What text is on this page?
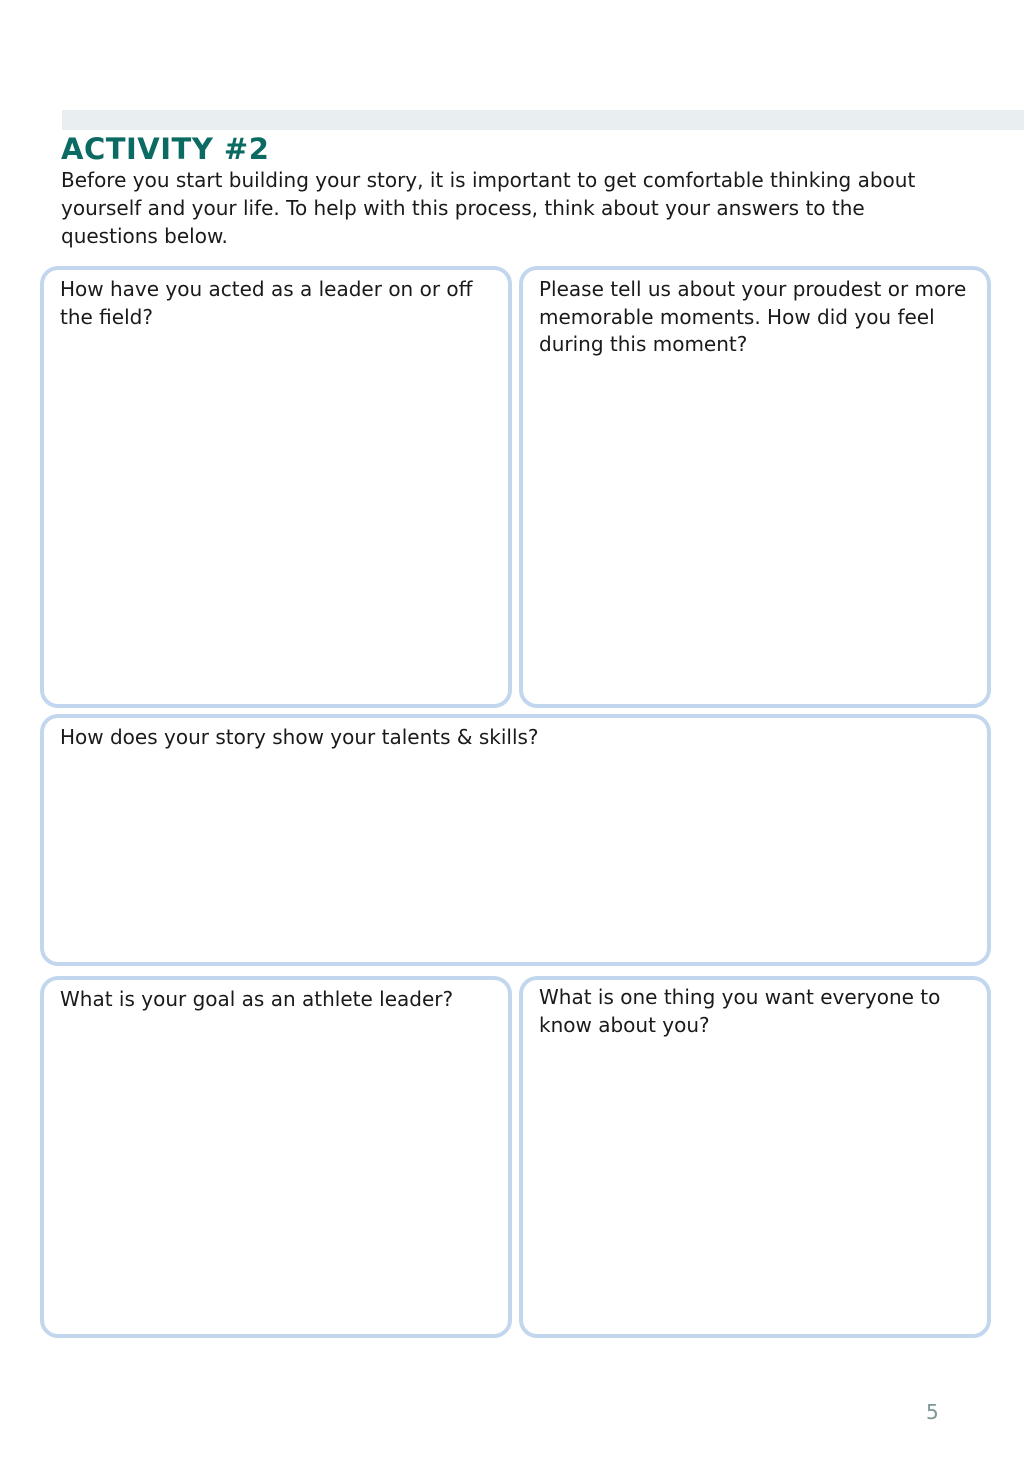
ACTIVITY #2

Before you start building your story, it is important to get comfortable thinking about yourself and your life. To help with this process, think about your answers to the questions below.

How have you acted as a leader on or off the field?

Please tell us about your proudest or more memorable moments. How did you feel during this moment?

How does your story show your talents & skills?

What is your goal as an athlete leader?	What is one thing you want everyone to know about you?

5
